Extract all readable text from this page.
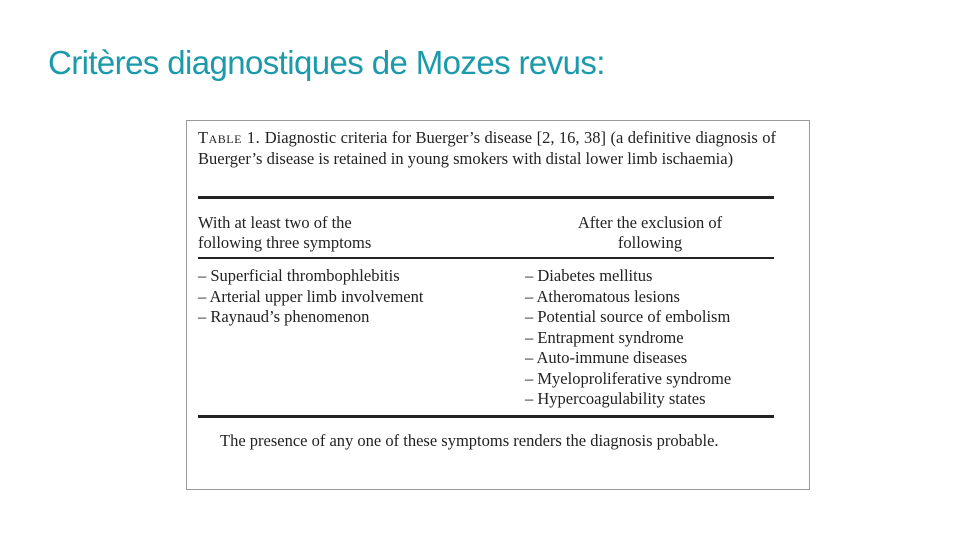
Critères diagnostiques de Mozes revus:
Table 1. Diagnostic criteria for Buerger’s disease [2, 16, 38] (a definitive diagnosis of Buerger’s disease is retained in young smokers with distal lower limb ischaemia)
With at least two of the following three symptoms
After the exclusion of following
– Superficial thrombophlebitis
– Arterial upper limb involvement
– Raynaud’s phenomenon
– Diabetes mellitus
– Atheromatous lesions
– Potential source of embolism
– Entrapment syndrome
– Auto-immune diseases
– Myeloproliferative syndrome
– Hypercoagulability states
The presence of any one of these symptoms renders the diagnosis probable.
